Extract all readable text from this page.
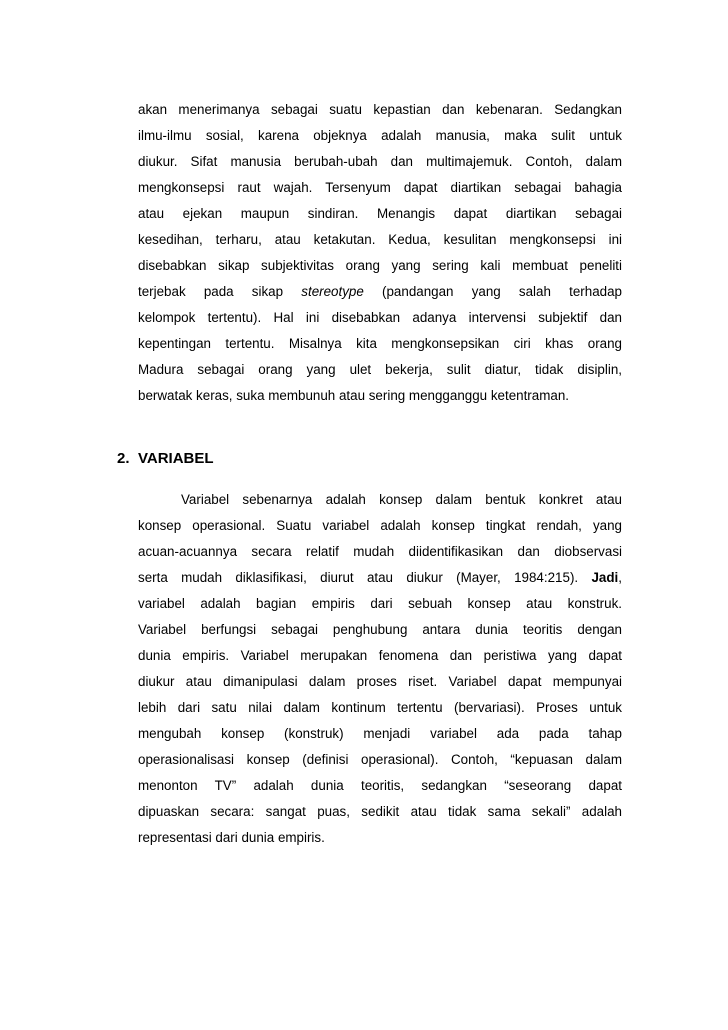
akan menerimanya sebagai suatu kepastian dan kebenaran. Sedangkan
ilmu-ilmu sosial, karena objeknya adalah manusia, maka sulit untuk
diukur. Sifat manusia berubah-ubah dan multimajemuk. Contoh, dalam
mengkonsepsi raut wajah. Tersenyum dapat diartikan sebagai bahagia
atau ejekan maupun sindiran. Menangis dapat diartikan sebagai
kesedihan, terharu, atau ketakutan. Kedua, kesulitan mengkonsepsi ini
disebabkan sikap subjektivitas orang yang sering kali membuat peneliti
terjebak pada sikap stereotype (pandangan yang salah terhadap
kelompok tertentu). Hal ini disebabkan adanya intervensi subjektif dan
kepentingan tertentu. Misalnya kita mengkonsepsikan ciri khas orang
Madura sebagai orang yang ulet bekerja, sulit diatur, tidak disiplin,
berwatak keras, suka membunuh atau sering mengganggu ketentraman.
2. VARIABEL
Variabel sebenarnya adalah konsep dalam bentuk konkret atau
konsep operasional. Suatu variabel adalah konsep tingkat rendah, yang
acuan-acuannya secara relatif mudah diidentifikasikan dan diobservasi
serta mudah diklasifikasi, diurut atau diukur (Mayer, 1984:215). Jadi,
variabel adalah bagian empiris dari sebuah konsep atau konstruk.
Variabel berfungsi sebagai penghubung antara dunia teoritis dengan
dunia empiris. Variabel merupakan fenomena dan peristiwa yang dapat
diukur atau dimanipulasi dalam proses riset. Variabel dapat mempunyai
lebih dari satu nilai dalam kontinum tertentu (bervariasi). Proses untuk
mengubah konsep (konstruk) menjadi variabel ada pada tahap
operasionalisasi konsep (definisi operasional). Contoh, “kepuasan dalam
menonton TV” adalah dunia teoritis, sedangkan “seseorang dapat
dipuaskan secara: sangat puas, sedikit atau tidak sama sekali” adalah
representasi dari dunia empiris.
